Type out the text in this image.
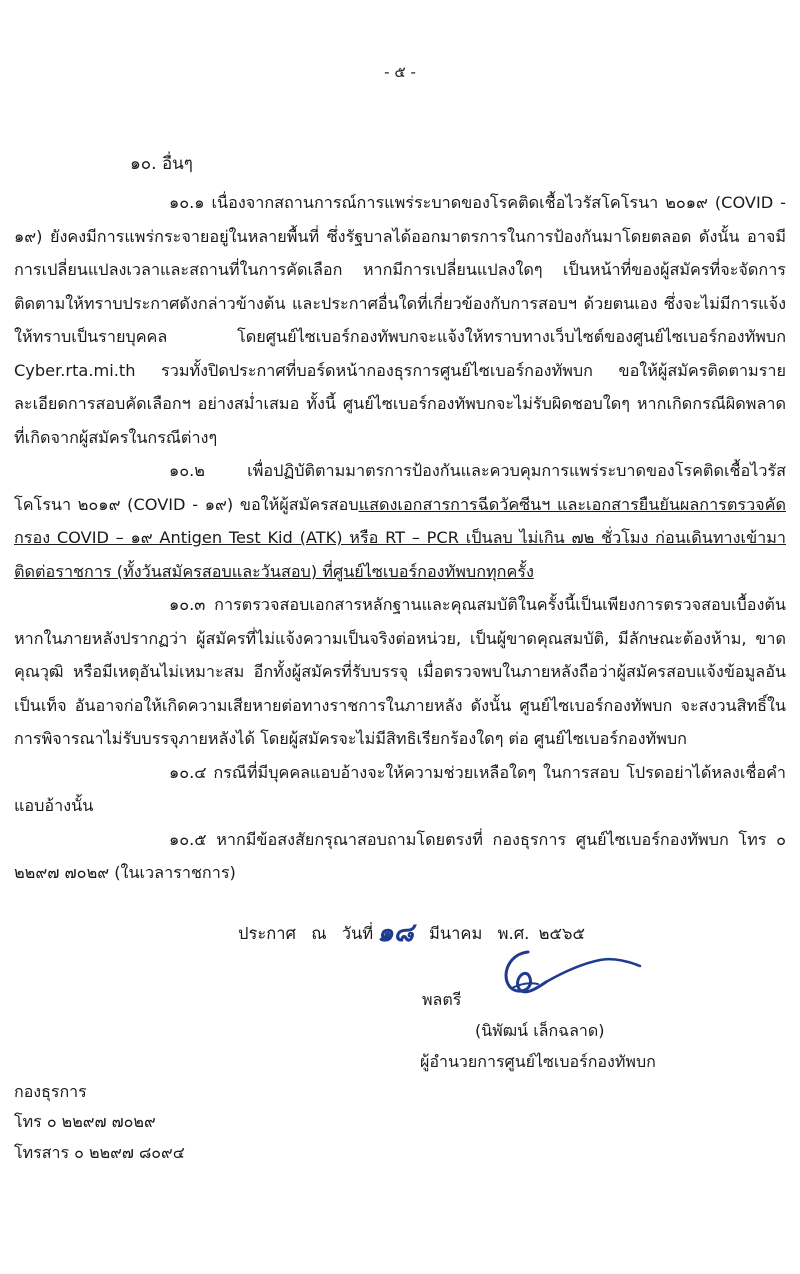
- ๕ -
๑๐. อื่นๆ

๑๐.๑ เนื่องจากสถานการณ์การแพร่ระบาดของโรคติดเชื้อไวรัสโคโรนา ๒๐๑๙ (COVID - ๑๙) ยังคงมีการแพร่กระจายอยู่ในหลายพื้นที่ ซึ่งรัฐบาลได้ออกมาตรการในการป้องกันมาโดยตลอด ดังนั้น อาจมีการเปลี่ยนแปลงเวลาและสถานที่ในการคัดเลือก หากมีการเปลี่ยนแปลงใดๆ เป็นหน้าที่ของผู้สมัครที่จะจัดการติดตามให้ทราบประกาศดังกล่าวข้างต้น และประกาศอื่นใดที่เกี่ยวข้องกับการสอบฯ ด้วยตนเอง ซึ่งจะไม่มีการแจ้งให้ทราบเป็นรายบุคคล โดยศูนย์ไซเบอร์กองทัพบกจะแจ้งให้ทราบทางเว็บไซต์ของศูนย์ไซเบอร์กองทัพบก Cyber.rta.mi.th รวมทั้งปิดประกาศที่บอร์ดหน้ากองธุรการศูนย์ไซเบอร์กองทัพบก ขอให้ผู้สมัครติดตามรายละเอียดการสอบคัดเลือกฯ อย่างสม่ำเสมอ ทั้งนี้ ศูนย์ไซเบอร์กองทัพบกจะไม่รับผิดชอบใดๆ หากเกิดกรณีผิดพลาดที่เกิดจากผู้สมัครในกรณีต่างๆ

๑๐.๒ เพื่อปฏิบัติตามมาตรการป้องกันและควบคุมการแพร่ระบาดของโรคติดเชื้อไวรัสโคโรนา ๒๐๑๙ (COVID - ๑๙) ขอให้ผู้สมัครสอบแสดงเอกสารการฉีดวัคซีนฯ และเอกสารยืนยันผลการตรวจคัดกรอง COVID – ๑๙ Antigen Test Kid (ATK) หรือ RT – PCR เป็นลบ ไม่เกิน ๗๒ ชั่วโมง ก่อนเดินทางเข้ามาติดต่อราชการ (ทั้งวันสมัครสอบและวันสอบ) ที่ศูนย์ไซเบอร์กองทัพบกทุกครั้ง

๑๐.๓ การตรวจสอบเอกสารหลักฐานและคุณสมบัติในครั้งนี้เป็นเพียงการตรวจสอบเบื้องต้นหากในภายหลังปรากฏว่า ผู้สมัครที่ไม่แจ้งความเป็นจริงต่อหน่วย, เป็นผู้ขาดคุณสมบัติ, มีลักษณะต้องห้าม, ขาดคุณวุฒิ หรือมีเหตุอันไม่เหมาะสม อีกทั้งผู้สมัครที่รับบรรจุ เมื่อตรวจพบในภายหลังถือว่าผู้สมัครสอบแจ้งข้อมูลอันเป็นเท็จ อันอาจก่อให้เกิดความเสียหายต่อทางราชการในภายหลัง ดังนั้น ศูนย์ไซเบอร์กองทัพบก จะสงวนสิทธิ์ในการพิจารณาไม่รับบรรจุภายหลังได้ โดยผู้สมัครจะไม่มีสิทธิเรียกร้องใดๆ ต่อ ศูนย์ไซเบอร์กองทัพบก

๑๐.๔ กรณีที่มีบุคคลแอบอ้างจะให้ความช่วยเหลือใดๆ ในการสอบ โปรดอย่าได้หลงเชื่อคำแอบอ้างนั้น

๑๐.๕ หากมีข้อสงสัยกรุณาสอบถามโดยตรงที่ กองธุรการ ศูนย์ไซเบอร์กองทัพบก โทร ๐ ๒๒๙๗ ๗๐๒๙ (ในเวลาราชการ)

ประกาศ ณ วันที่ ๑๘ มีนาคม พ.ศ. ๒๕๖๕
พลตรี
(นิพัฒน์ เล็กฉลาด)
ผู้อำนวยการศูนย์ไซเบอร์กองทัพบก
กองธุรการ
โทร ๐ ๒๒๙๗ ๗๐๒๙
โทรสาร ๐ ๒๒๙๗ ๘๐๙๔
